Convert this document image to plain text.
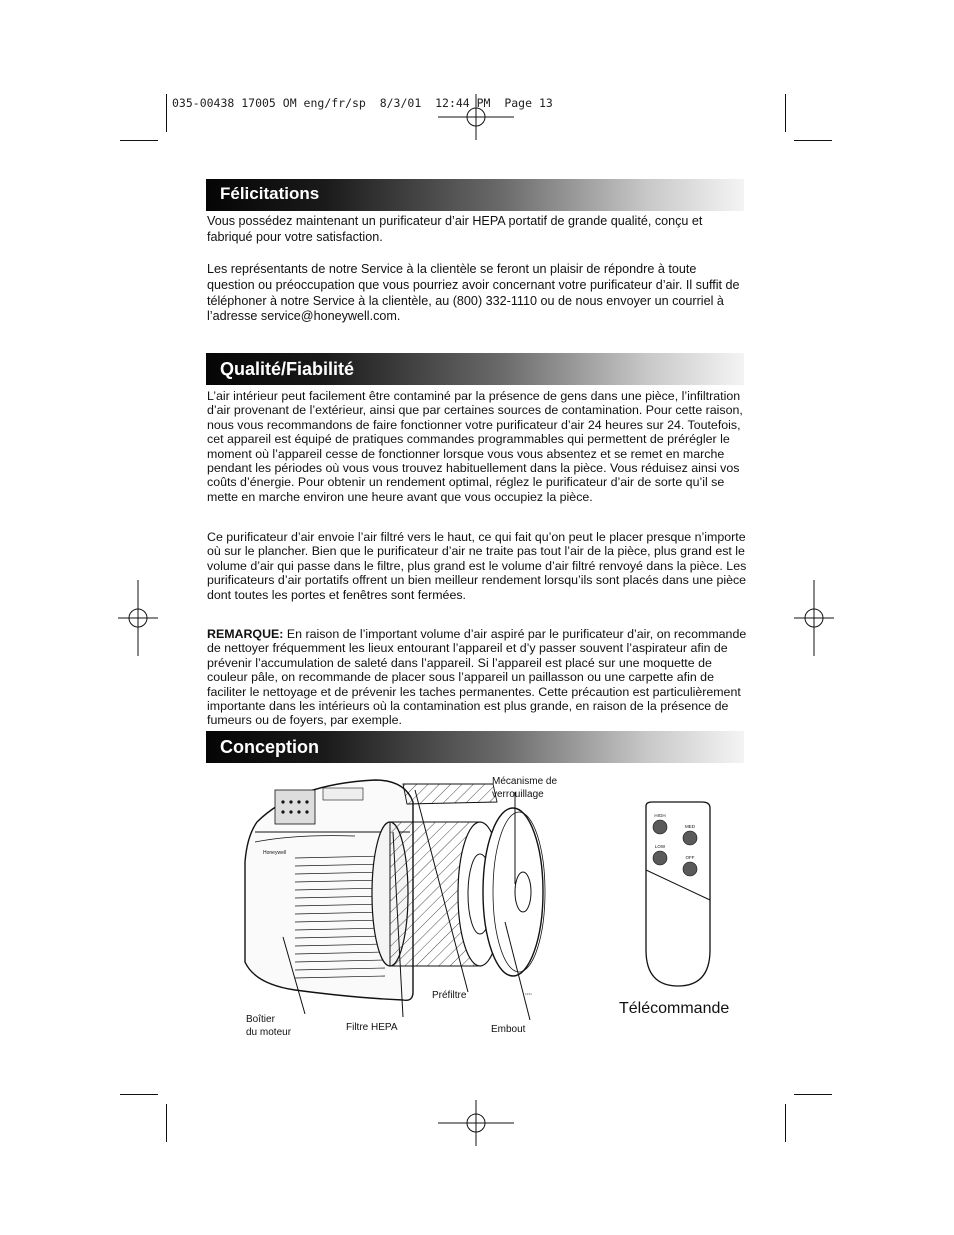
035-00438 17005 OM eng/fr/sp  8/3/01  12:44 PM  Page 13
Félicitations

Vous possédez maintenant un purificateur d’air HEPA portatif de grande qualité, conçu et fabriqué pour votre satisfaction.

Les représentants de notre Service à la clientèle se feront un plaisir de répondre à toute question ou préoccupation que vous pourriez avoir concernant votre purificateur d’air. Il suffit de téléphoner à notre Service à la clientèle, au (800) 332-1110 ou de nous envoyer un courriel à l’adresse service@honeywell.com.

Qualité/Fiabilité

L’air intérieur peut facilement être contaminé par la présence de gens dans une pièce, l’infiltration d’air provenant de l’extérieur, ainsi que par certaines sources de contamination. Pour cette raison, nous vous recommandons de faire fonctionner votre purificateur d’air 24 heures sur 24. Toutefois, cet appareil est équipé de pratiques commandes programmables qui permettent de prérégler le moment où l’appareil cesse de fonctionner lorsque vous vous absentez et se remet en marche pendant les périodes où vous vous trouvez habituellement dans la pièce. Vous réduisez ainsi vos coûts d’énergie. Pour obtenir un rendement optimal, réglez le purificateur d’air de sorte qu’il se mette en marche environ une heure avant que vous occupiez la pièce.

Ce purificateur d’air envoie l’air filtré vers le haut, ce qui fait qu’on peut le placer presque n’importe où sur le plancher. Bien que le purificateur d’air ne traite pas tout l’air de la pièce, plus grand est le volume d’air qui passe dans le filtre, plus grand est le volume d’air filtré renvoyé dans la pièce. Les purificateurs d’air portatifs offrent un bien meilleur rendement lorsqu’ils sont placés dans une pièce dont toutes les portes et fenêtres sont fermées.

REMARQUE: En raison de l’important volume d’air aspiré par le purificateur d’air, on recommande de nettoyer fréquemment les lieux entourant l’appareil et d’y passer souvent l’aspirateur afin de prévenir l’accumulation de saleté dans l’appareil. Si l’appareil est placé sur une moquette de couleur pâle, on recommande de placer sous l’appareil un paillasson ou une carpette afin de faciliter le nettoyage et de prévenir les taches permanentes. Cette précaution est particulièrement importante dans les intérieurs où la contamination est plus grande, en raison de la présence de fumeurs ou de foyers, par exemple.

Conception
Honeywell
1234
Mécanisme de
verrouillage
Préfiltre
Boîtier
du moteur	Filtre HEPA	Embout
HIGH
MED
LOW
OFF
Télécommande
